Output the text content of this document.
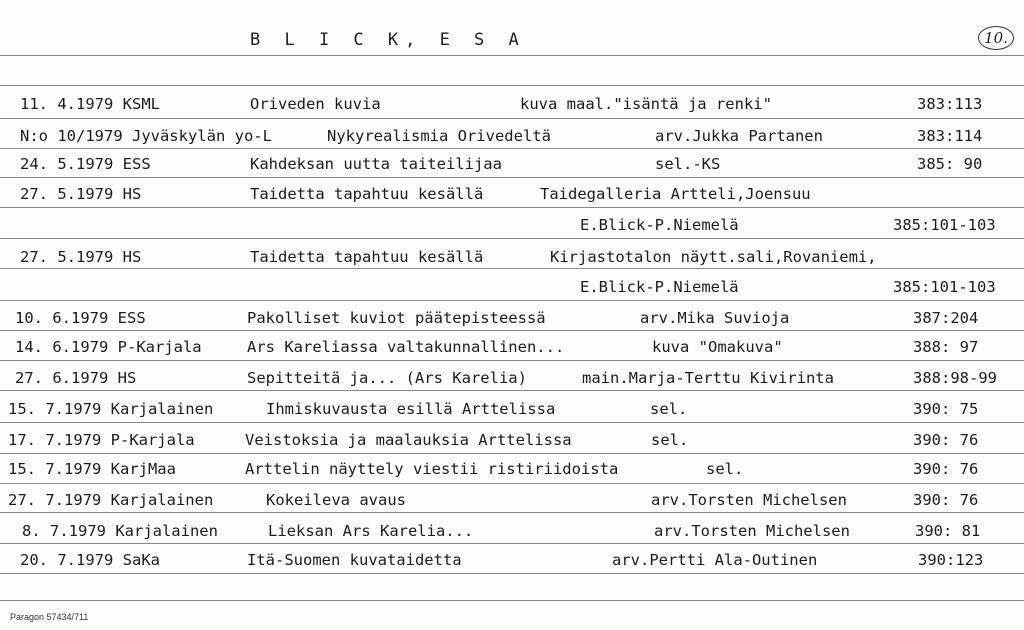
B L I C K, E S A	10.
11. 4.1979 KSML	Oriveden kuvia	kuva maal."isäntä ja renki"	383:113
N:o 10/1979 Jyväskylän yo-L	Nykyrealismia Orivedeltä	arv.Jukka Partanen	383:114
24. 5.1979 ESS	Kahdeksan uutta taiteilijaa	sel.-KS	385: 90
27. 5.1979 HS	Taidetta tapahtuu kesällä	Taidegalleria Artteli,Joensuu
E.Blick-P.Niemelä	385:101-103
27. 5.1979 HS	Taidetta tapahtuu kesällä	Kirjastotalon näytt.sali,Rovaniemi,
E.Blick-P.Niemelä	385:101-103
10. 6.1979 ESS	Pakolliset kuviot päätepisteessä	arv.Mika Suvioja	387:204
14. 6.1979 P-Karjala	Ars Kareliassa valtakunnallinen...	kuva "Omakuva"	388: 97
27. 6.1979 HS	Sepitteitä ja... (Ars Karelia)	main.Marja-Terttu Kivirinta	388:98-99
15. 7.1979 Karjalainen	Ihmiskuvausta esillä Arttelissa	sel.	390: 75
17. 7.1979 P-Karjala	Veistoksia ja maalauksia Arttelissa	sel.	390: 76
15. 7.1979 KarjMaa	Arttelin näyttely viestii ristiriidoista	sel.	390: 76
27. 7.1979 Karjalainen	Kokeileva avaus	arv.Torsten Michelsen	390: 76
8. 7.1979 Karjalainen	Lieksan Ars Karelia...	arv.Torsten Michelsen	390: 81
20. 7.1979 SaKa	Itä-Suomen kuvataidetta	arv.Pertti Ala-Outinen	390:123
Paragon 57434/711
